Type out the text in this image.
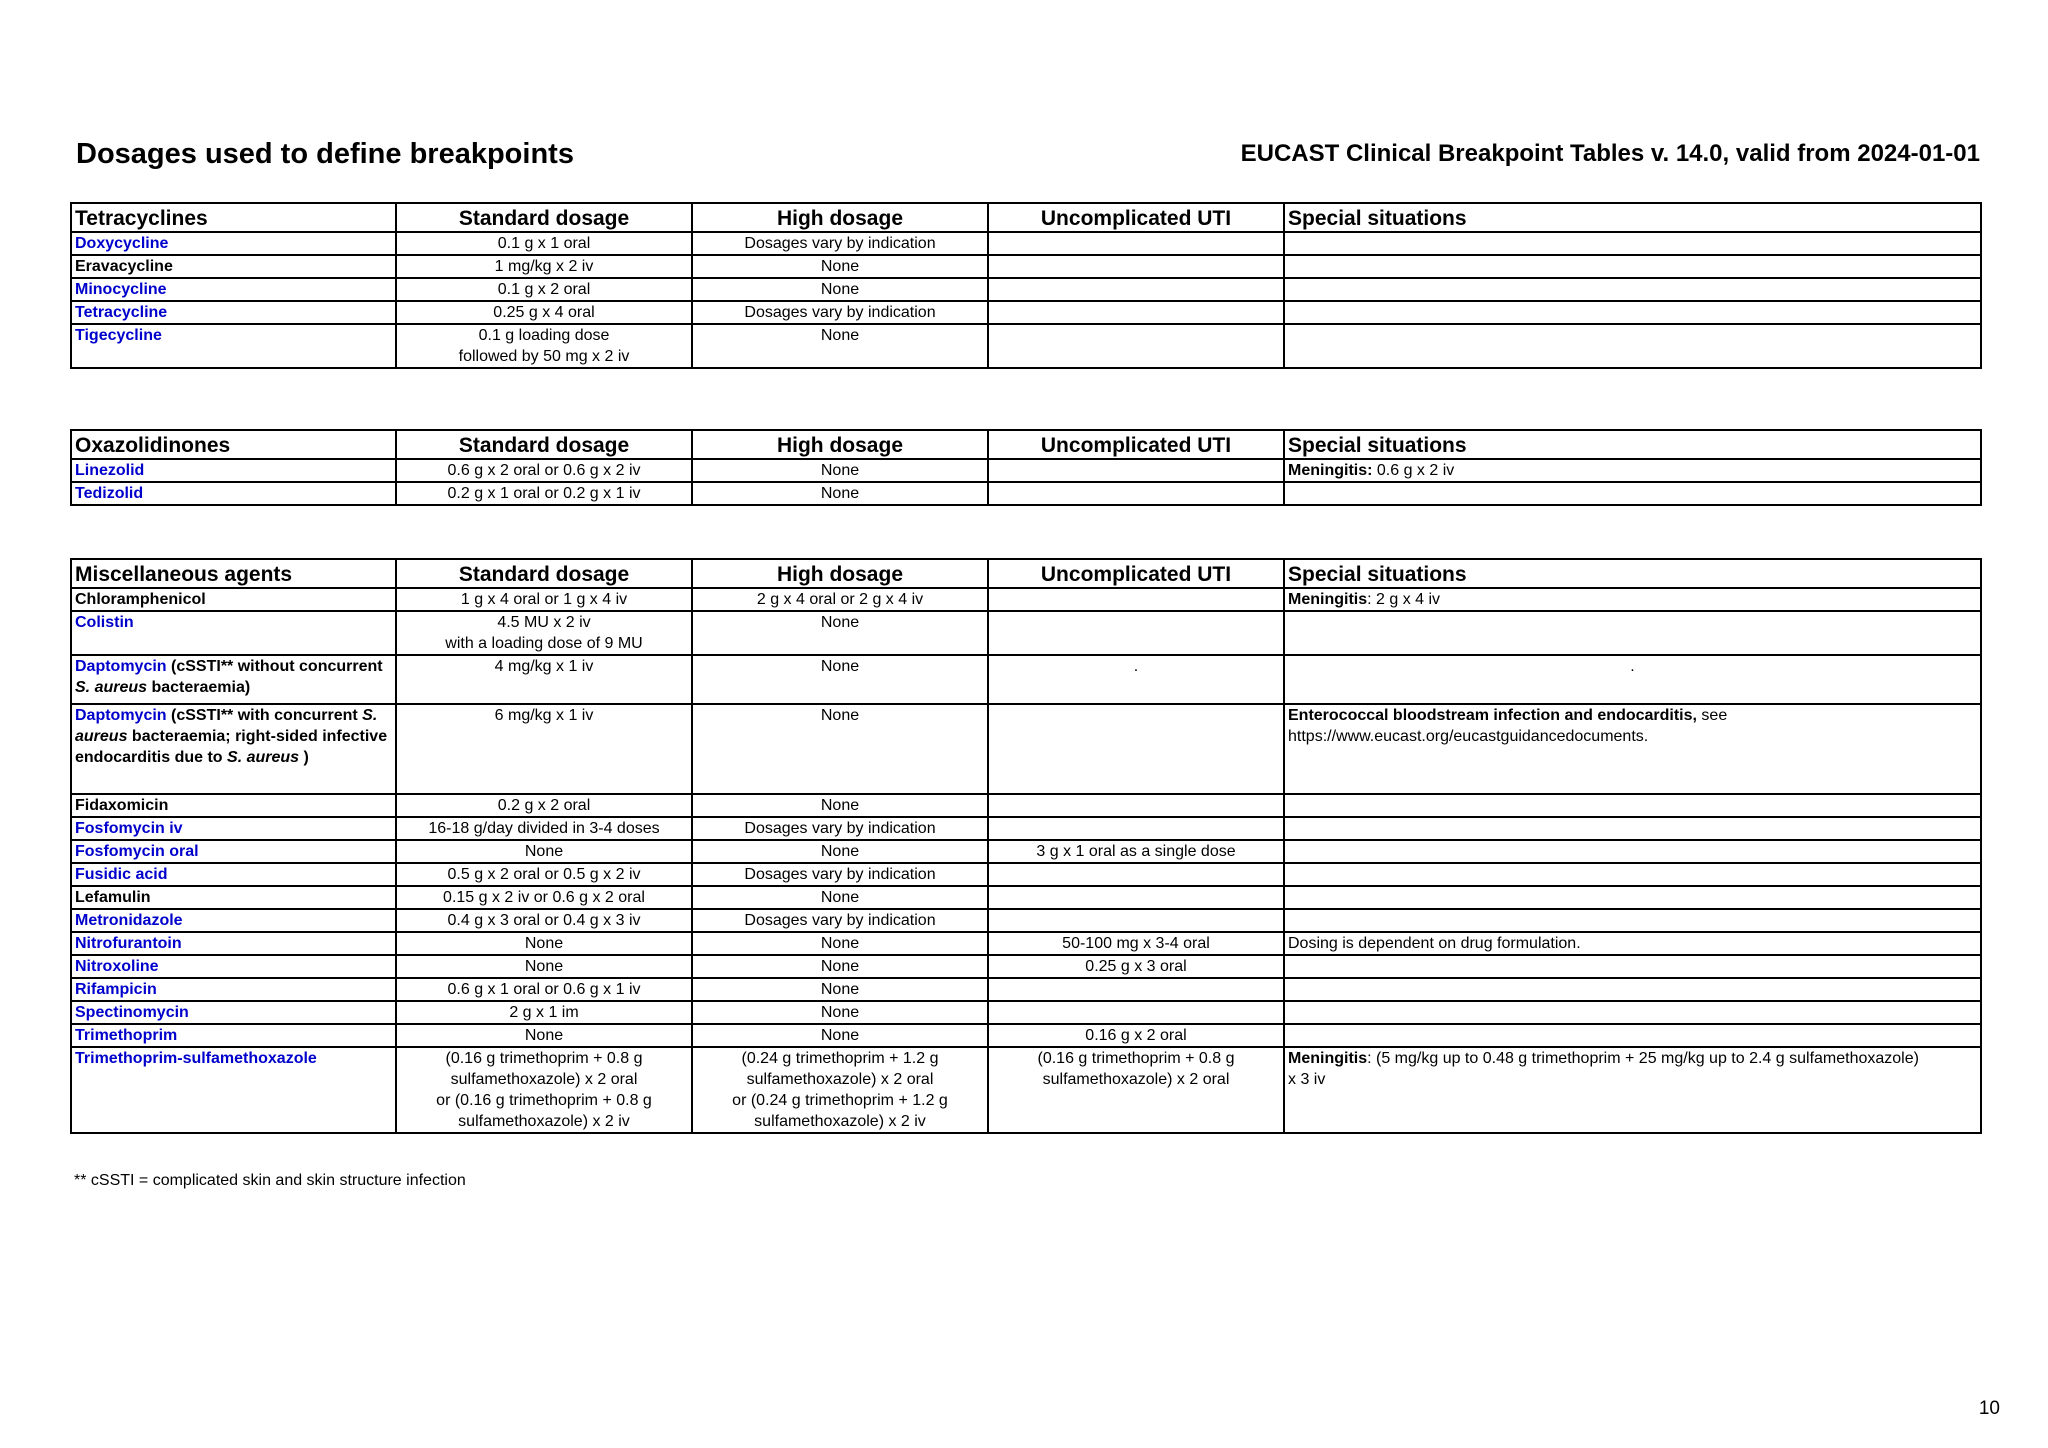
Dosages used to define breakpoints	EUCAST Clinical Breakpoint Tables v. 14.0, valid from 2024-01-01
Tetracyclines	Standard dosage	High dosage	Uncomplicated UTI	Special situations
Doxycycline	0.1 g x 1 oral	Dosages vary by indication		
Eravacycline	1 mg/kg x 2 iv	None		
Minocycline	0.1 g x 2 oral	None		
Tetracycline	0.25 g x 4 oral	Dosages vary by indication		
Tigecycline	0.1 g loading dose
followed by 50 mg x 2 iv	None		
Oxazolidinones	Standard dosage	High dosage	Uncomplicated UTI	Special situations
Linezolid	0.6 g x 2 oral or 0.6 g x 2 iv	None		Meningitis: 0.6 g x 2 iv
Tedizolid	0.2 g x 1 oral or 0.2 g x 1 iv	None		
Miscellaneous agents	Standard dosage	High dosage	Uncomplicated UTI	Special situations
Chloramphenicol	1 g x 4 oral or 1 g x 4 iv	2 g x 4 oral or 2 g x 4 iv		Meningitis: 2 g x 4 iv
Colistin	4.5 MU x 2 iv
with a loading dose of 9 MU	None		
Daptomycin (cSSTI** without concurrent S. aureus bacteraemia)	4 mg/kg x 1 iv	None	.	.
Daptomycin (cSSTI** with concurrent S. aureus bacteraemia; right-sided infective endocarditis due to S. aureus )	6 mg/kg x 1 iv	None		Enterococcal bloodstream infection and endocarditis, see
https://www.eucast.org/eucastguidancedocuments.
Fidaxomicin	0.2 g x 2 oral	None		
Fosfomycin iv	16-18 g/day divided in 3-4 doses	Dosages vary by indication		
Fosfomycin oral	None	None	3 g x 1 oral as a single dose	
Fusidic acid	0.5 g x 2 oral or 0.5 g x 2 iv	Dosages vary by indication		
Lefamulin	0.15 g x 2 iv or 0.6 g x 2 oral	None		
Metronidazole	0.4 g x 3 oral or 0.4 g x 3 iv	Dosages vary by indication		
Nitrofurantoin	None	None	50-100 mg x 3-4 oral	Dosing is dependent on drug formulation.
Nitroxoline	None	None	0.25 g x 3 oral	
Rifampicin	0.6 g x 1 oral or 0.6 g x 1 iv	None		
Spectinomycin	2 g x 1 im	None		
Trimethoprim	None	None	0.16 g x 2 oral	
Trimethoprim-sulfamethoxazole	(0.16 g trimethoprim + 0.8 g
sulfamethoxazole) x 2 oral
or (0.16 g trimethoprim + 0.8 g
sulfamethoxazole) x 2 iv	(0.24 g trimethoprim + 1.2 g
sulfamethoxazole) x 2 oral
or (0.24 g trimethoprim + 1.2 g
sulfamethoxazole) x 2 iv	(0.16 g trimethoprim + 0.8 g
sulfamethoxazole) x 2 oral	Meningitis: (5 mg/kg up to 0.48 g trimethoprim + 25 mg/kg up to 2.4 g sulfamethoxazole)
x 3 iv
** cSSTI = complicated skin and skin structure infection
10
